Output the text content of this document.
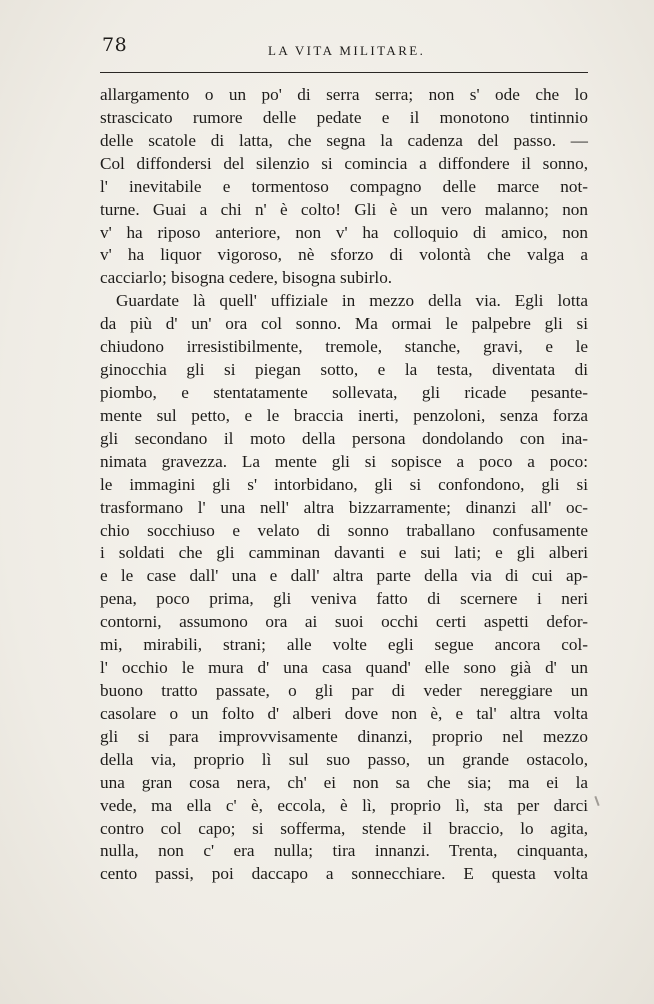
78	LA VITA MILITARE.
allargamento o un po' di serra serra; non s' ode che lo
strascicato rumore delle pedate e il monotono tintinnio
delle scatole di latta, che segna la cadenza del passo. —
Col diffondersi del silenzio si comincia a diffondere il sonno,
l' inevitabile e tormentoso compagno delle marce not-
turne. Guai a chi n' è colto! Gli è un vero malanno; non
v' ha riposo anteriore, non v' ha colloquio di amico, non
v' ha liquor vigoroso, nè sforzo di volontà che valga a
cacciarlo; bisogna cedere, bisogna subirlo.
Guardate là quell' uffiziale in mezzo della via. Egli lotta
da più d' un' ora col sonno. Ma ormai le palpebre gli si
chiudono irresistibilmente, tremole, stanche, gravi, e le
ginocchia gli si piegan sotto, e la testa, diventata di
piombo, e stentatamente sollevata, gli ricade pesante-
mente sul petto, e le braccia inerti, penzoloni, senza forza
gli secondano il moto della persona dondolando con ina-
nimata gravezza. La mente gli si sopisce a poco a poco:
le immagini gli s' intorbidano, gli si confondono, gli si
trasformano l' una nell' altra bizzarramente; dinanzi all' oc-
chio socchiuso e velato di sonno traballano confusamente
i soldati che gli camminan davanti e sui lati; e gli alberi
e le case dall' una e dall' altra parte della via di cui ap-
pena, poco prima, gli veniva fatto di scernere i neri
contorni, assumono ora ai suoi occhi certi aspetti defor-
mi, mirabili, strani; alle volte egli segue ancora col-
l' occhio le mura d' una casa quand' elle sono già d' un
buono tratto passate, o gli par di veder nereggiare un
casolare o un folto d' alberi dove non è, e tal' altra volta
gli si para improvvisamente dinanzi, proprio nel mezzo
della via, proprio lì sul suo passo, un grande ostacolo,
una gran cosa nera, ch' ei non sa che sia; ma ei la
vede, ma ella c' è, eccola, è lì, proprio lì, sta per darci
contro col capo; si sofferma, stende il braccio, lo agita,
nulla, non c' era nulla; tira innanzi. Trenta, cinquanta,
cento passi, poi daccapo a sonnecchiare. E questa volta
